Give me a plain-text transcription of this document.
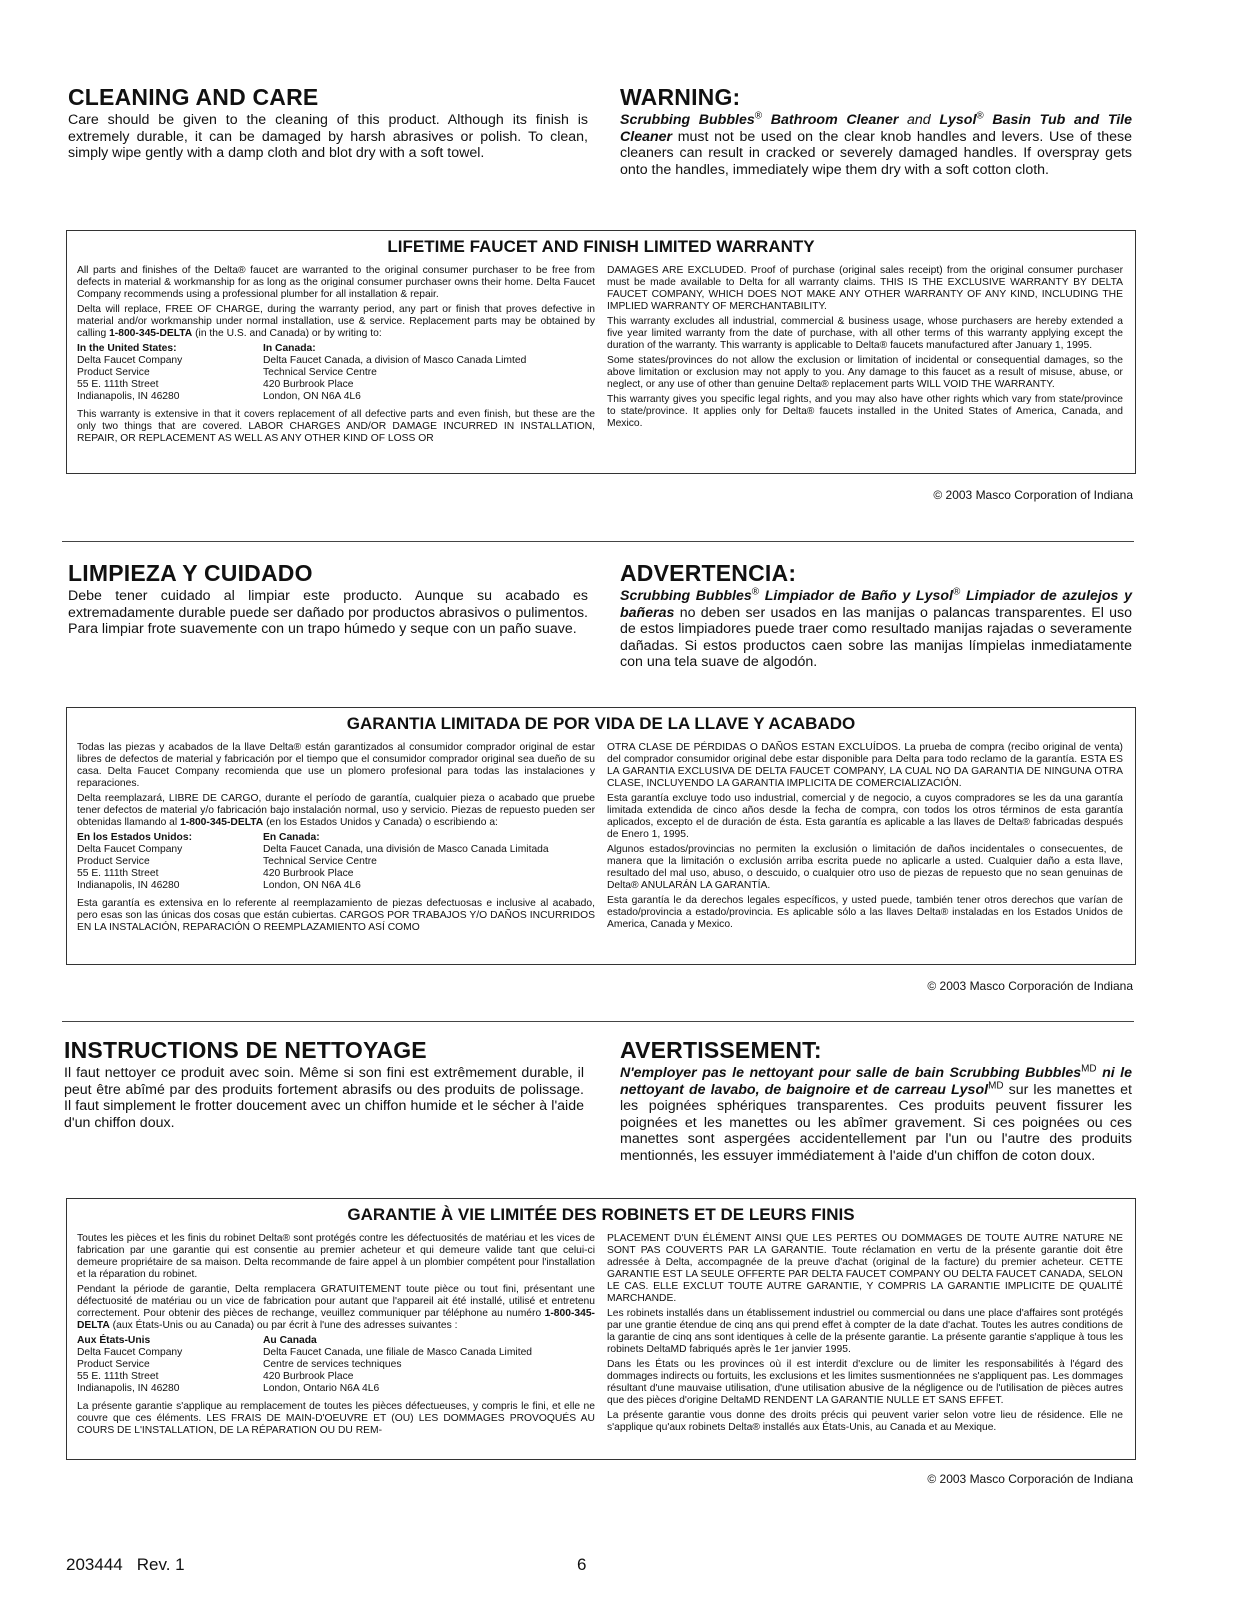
CLEANING AND CARE

Care should be given to the cleaning of this product. Although its finish is extremely durable, it can be damaged by harsh abrasives or polish. To clean, simply wipe gently with a damp cloth and blot dry with a soft towel.

WARNING:

Scrubbing Bubbles® Bathroom Cleaner and Lysol® Basin Tub and Tile Cleaner must not be used on the clear knob handles and levers. Use of these cleaners can result in cracked or severely damaged handles. If overspray gets onto the handles, immediately wipe them dry with a soft cotton cloth.

LIFETIME FAUCET AND FINISH LIMITED WARRANTY

All parts and finishes of the Delta® faucet are warranted to the original consumer purchaser to be free from defects in material & workmanship for as long as the original consumer purchaser owns their home. Delta Faucet Company recommends using a professional plumber for all installation & repair.

Delta will replace, FREE OF CHARGE, during the warranty period, any part or finish that proves defective in material and/or workmanship under normal installation, use & service. Replacement parts may be obtained by calling 1-800-345-DELTA (in the U.S. and Canada) or by writing to:

In the United States:
Delta Faucet Company
Product Service
55 E. 111th Street
Indianapolis, IN 46280
In Canada:
Delta Faucet Canada, a division of Masco Canada Limted
Technical Service Centre
420 Burbrook Place
London, ON N6A 4L6

This warranty is extensive in that it covers replacement of all defective parts and even finish, but these are the only two things that are covered. LABOR CHARGES AND/OR DAMAGE INCURRED IN INSTALLATION, REPAIR, OR REPLACEMENT AS WELL AS ANY OTHER KIND OF LOSS OR

DAMAGES ARE EXCLUDED. Proof of purchase (original sales receipt) from the original consumer purchaser must be made available to Delta for all warranty claims. THIS IS THE EXCLUSIVE WARRANTY BY DELTA FAUCET COMPANY, WHICH DOES NOT MAKE ANY OTHER WARRANTY OF ANY KIND, INCLUDING THE IMPLIED WARRANTY OF MERCHANTABILITY.

This warranty excludes all industrial, commercial & business usage, whose purchasers are hereby extended a five year limited warranty from the date of purchase, with all other terms of this warranty applying except the duration of the warranty. This warranty is applicable to Delta® faucets manufactured after January 1, 1995.

Some states/provinces do not allow the exclusion or limitation of incidental or consequential damages, so the above limitation or exclusion may not apply to you. Any damage to this faucet as a result of misuse, abuse, or neglect, or any use of other than genuine Delta® replacement parts WILL VOID THE WARRANTY.

This warranty gives you specific legal rights, and you may also have other rights which vary from state/province to state/province. It applies only for Delta® faucets installed in the United States of America, Canada, and Mexico.

© 2003 Masco Corporation of Indiana
LIMPIEZA Y CUIDADO

Debe tener cuidado al limpiar este producto. Aunque su acabado es extremadamente durable puede ser dañado por productos abrasivos o pulimentos. Para limpiar frote suavemente con un trapo húmedo y seque con un paño suave.

ADVERTENCIA:

Scrubbing Bubbles® Limpiador de Baño y Lysol® Limpiador de azulejos y bañeras no deben ser usados en las manijas o palancas transparentes. El uso de estos limpiadores puede traer como resultado manijas rajadas o severamente dañadas. Si estos productos caen sobre las manijas límpielas inmediatamente con una tela suave de algodón.

GARANTIA LIMITADA DE POR VIDA DE LA LLAVE Y ACABADO

Todas las piezas y acabados de la llave Delta® están garantizados al consumidor comprador original de estar libres de defectos de material y fabricación por el tiempo que el consumidor comprador original sea dueño de su casa. Delta Faucet Company recomienda que use un plomero profesional para todas las instalaciones y reparaciones.

Delta reemplazará, LIBRE DE CARGO, durante el período de garantía, cualquier pieza o acabado que pruebe tener defectos de material y/o fabricación bajo instalación normal, uso y servicio. Piezas de repuesto pueden ser obtenidas llamando al 1-800-345-DELTA (en los Estados Unidos y Canada) o escribiendo a:

En los Estados Unidos:
Delta Faucet Company
Product Service
55 E. 111th Street
Indianapolis, IN 46280
En Canada:
Delta Faucet Canada, una división de Masco Canada Limitada
Technical Service Centre
420 Burbrook Place
London, ON N6A 4L6

Esta garantía es extensiva en lo referente al reemplazamiento de piezas defectuosas e inclusive al acabado, pero esas son las únicas dos cosas que están cubiertas. CARGOS POR TRABAJOS Y/O DAÑOS INCURRIDOS EN LA INSTALACIÓN, REPARACIÓN O REEMPLAZAMIENTO ASÍ COMO

OTRA CLASE DE PÉRDIDAS O DAÑOS ESTAN EXCLUÍDOS. La prueba de compra (recibo original de venta) del comprador consumidor original debe estar disponible para Delta para todo reclamo de la garantía. ESTA ES LA GARANTIA EXCLUSIVA DE DELTA FAUCET COMPANY, LA CUAL NO DA GARANTIA DE NINGUNA OTRA CLASE, INCLUYENDO LA GARANTIA IMPLICITA DE COMERCIALIZACIÓN.

Esta garantía excluye todo uso industrial, comercial y de negocio, a cuyos compradores se les da una garantía limitada extendida de cinco años desde la fecha de compra, con todos los otros términos de esta garantía aplicados, excepto el de duración de ésta. Esta garantía es aplicable a las llaves de Delta® fabricadas después de Enero 1, 1995.

Algunos estados/provincias no permiten la exclusión o limitación de daños incidentales o consecuentes, de manera que la limitación o exclusión arriba escrita puede no aplicarle a usted. Cualquier daño a esta llave, resultado del mal uso, abuso, o descuido, o cualquier otro uso de piezas de repuesto que no sean genuinas de Delta® ANULARÁN LA GARANTÍA.

Esta garantía le da derechos legales específicos, y usted puede, también tener otros derechos que varían de estado/provincia a estado/provincia. Es aplicable sólo a las llaves Delta® instaladas en los Estados Unidos de America, Canada y Mexico.

© 2003 Masco Corporación de Indiana
INSTRUCTIONS DE NETTOYAGE

Il faut nettoyer ce produit avec soin. Même si son fini est extrêmement durable, il peut être abîmé par des produits fortement abrasifs ou des produits de polissage. Il faut simplement le frotter doucement avec un chiffon humide et le sécher à l'aide d'un chiffon doux.

AVERTISSEMENT:

N'employer pas le nettoyant pour salle de bain Scrubbing Bubbles$^{MD}$ ni le nettoyant de lavabo, de baignoire et de carreau Lysol$^{MD}$ sur les manettes et les poignées sphériques transparentes. Ces produits peuvent fissurer les poignées et les manettes ou les abîmer gravement. Si ces poignées ou ces manettes sont aspergées accidentellement par l'un ou l'autre des produits mentionnés, les essuyer immédiatement à l'aide d'un chiffon de coton doux.

GARANTIE À VIE LIMITÉE DES ROBINETS ET DE LEURS FINIS

Toutes les pièces et les finis du robinet Delta® sont protégés contre les défectuosités de matériau et les vices de fabrication par une garantie qui est consentie au premier acheteur et qui demeure valide tant que celui-ci demeure propriétaire de sa maison. Delta recommande de faire appel à un plombier compétent pour l'installation et la réparation du robinet.

Pendant la période de garantie, Delta remplacera GRATUITEMENT toute pièce ou tout fini, présentant une défectuosité de matériau ou un vice de fabrication pour autant que l'appareil ait été installé, utilisé et entretenu correctement. Pour obtenir des pièces de rechange, veuillez communiquer par téléphone au numéro 1-800-345-DELTA (aux États-Unis ou au Canada) ou par écrit à l'une des adresses suivantes :

Aux États-Unis
Delta Faucet Company
Product Service
55 E. 111th Street
Indianapolis, IN 46280
Au Canada
Delta Faucet Canada, une filiale de Masco Canada Limited
Centre de services techniques
420 Burbrook Place
London, Ontario N6A 4L6

La présente garantie s'applique au remplacement de toutes les pièces défectueuses, y compris le fini, et elle ne couvre que ces éléments. LES FRAIS DE MAIN-D'OEUVRE ET (OU) LES DOMMAGES PROVOQUÉS AU COURS DE L'INSTALLATION, DE LA RÉPARATION OU DU REM-

PLACEMENT D'UN ÉLÉMENT AINSI QUE LES PERTES OU DOMMAGES DE TOUTE AUTRE NATURE NE SONT PAS COUVERTS PAR LA GARANTIE. Toute réclamation en vertu de la présente garantie doit être adressée à Delta, accompagnée de la preuve d'achat (original de la facture) du premier acheteur. CETTE GARANTIE EST LA SEULE OFFERTE PAR DELTA FAUCET COMPANY OU DELTA FAUCET CANADA, SELON LE CAS. ELLE EXCLUT TOUTE AUTRE GARANTIE, Y COMPRIS LA GARANTIE IMPLICITE DE QUALITÉ MARCHANDE.

Les robinets installés dans un établissement industriel ou commercial ou dans une place d'affaires sont protégés par une grantie étendue de cinq ans qui prend effet à compter de la date d'achat. Toutes les autres conditions de la garantie de cinq ans sont identiques à celle de la présente garantie. La présente garantie s'applique à tous les robinets DeltaMD fabriqués après le 1er janvier 1995.

Dans les États ou les provinces où il est interdit d'exclure ou de limiter les responsabilités à l'égard des dommages indirects ou fortuits, les exclusions et les limites susmentionnées ne s'appliquent pas. Les dommages résultant d'une mauvaise utilisation, d'une utilisation abusive de la négligence ou de l'utilisation de pièces autres que des pièces d'origine DeltaMD RENDENT LA GARANTIE NULLE ET SANS EFFET.

La présente garantie vous donne des droits précis qui peuvent varier selon votre lieu de résidence. Elle ne s'applique qu'aux robinets Delta® installés aux États-Unis, au Canada et au Mexique.

© 2003 Masco Corporación de Indiana
203444 Rev. 1	6
